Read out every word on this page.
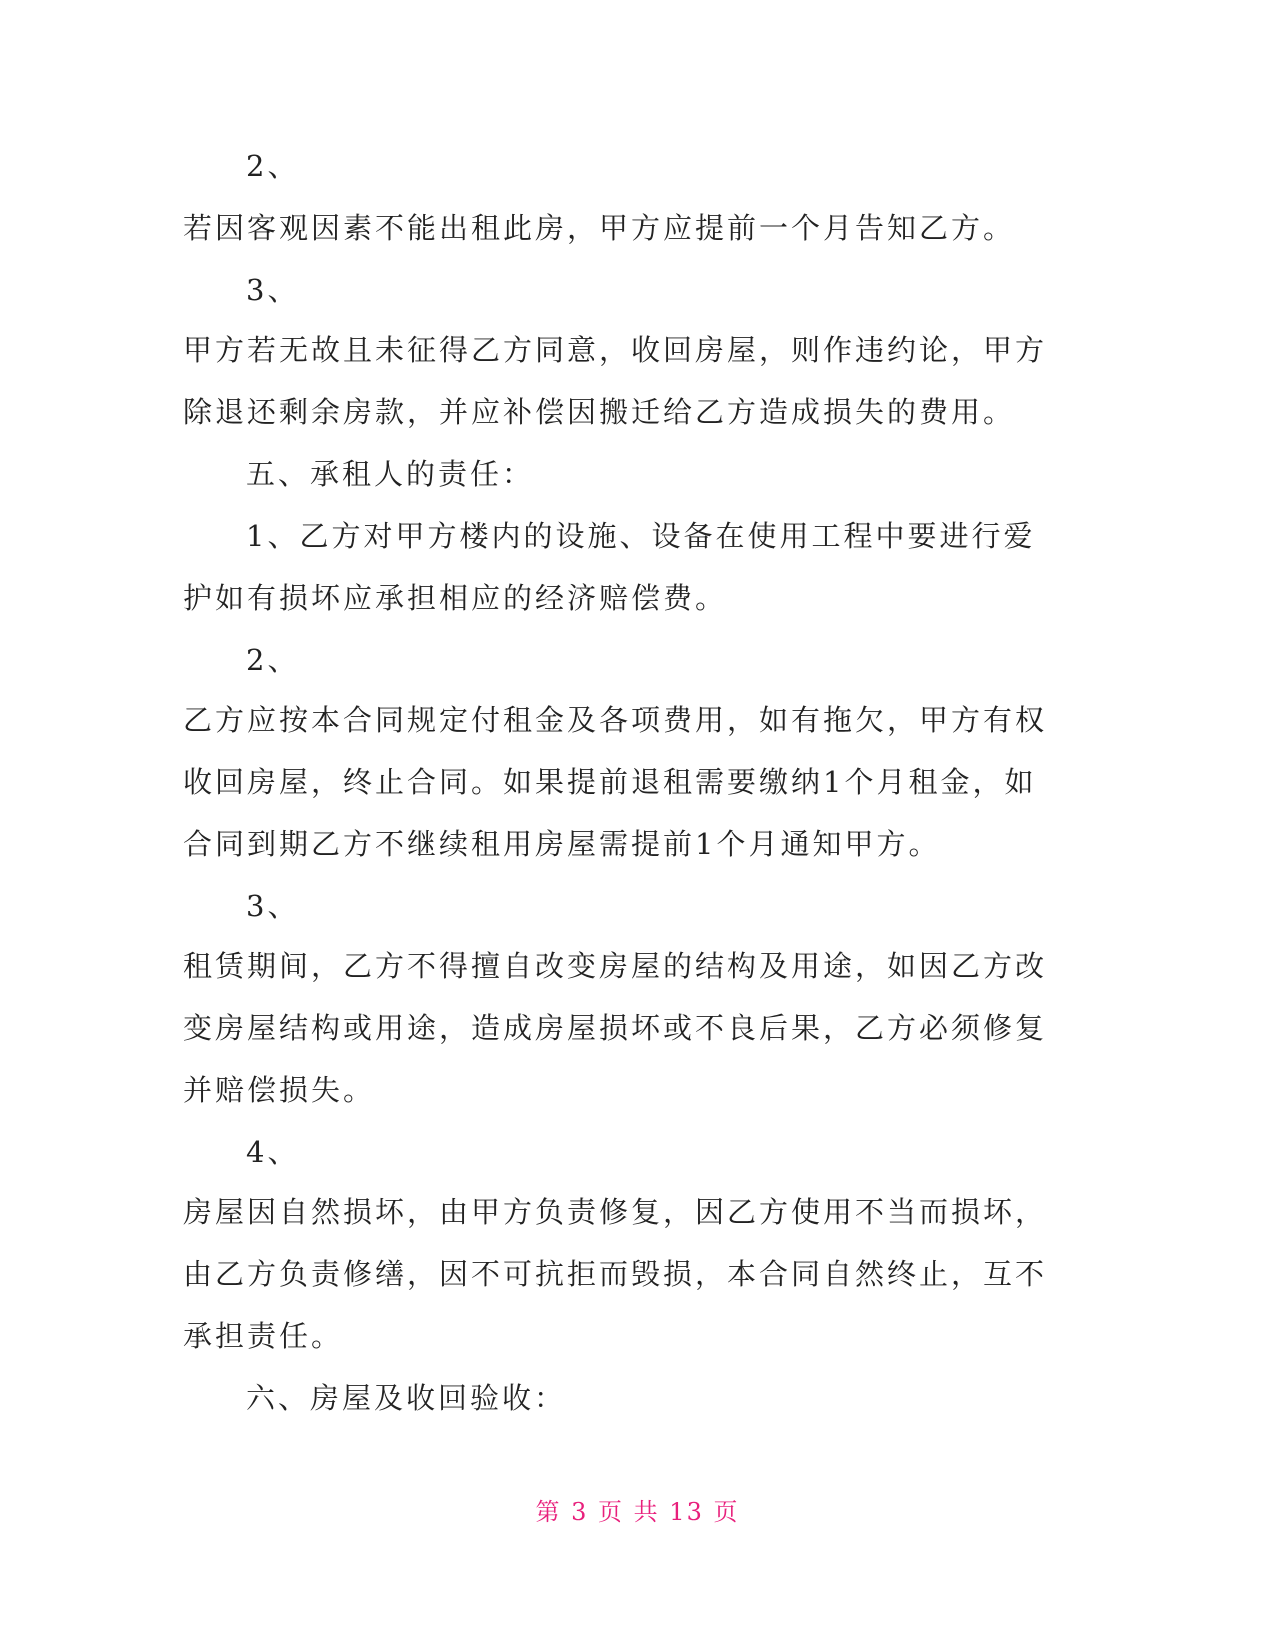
2、
若因客观因素不能出租此房，甲方应提前一个月告知乙方。
3、
甲方若无故且未征得乙方同意，收回房屋，则作违约论，甲方
除退还剩余房款，并应补偿因搬迁给乙方造成损失的费用。
五、承租人的责任：
1、乙方对甲方楼内的设施、设备在使用工程中要进行爱
护如有损坏应承担相应的经济赔偿费。
2、
乙方应按本合同规定付租金及各项费用，如有拖欠，甲方有权
收回房屋，终止合同。如果提前退租需要缴纳1个月租金，如
合同到期乙方不继续租用房屋需提前1个月通知甲方。
3、
租赁期间，乙方不得擅自改变房屋的结构及用途，如因乙方改
变房屋结构或用途，造成房屋损坏或不良后果，乙方必须修复
并赔偿损失。
4、
房屋因自然损坏，由甲方负责修复，因乙方使用不当而损坏，
由乙方负责修缮，因不可抗拒而毁损，本合同自然终止，互不
承担责任。
六、房屋及收回验收：
第 3 页 共 13 页
